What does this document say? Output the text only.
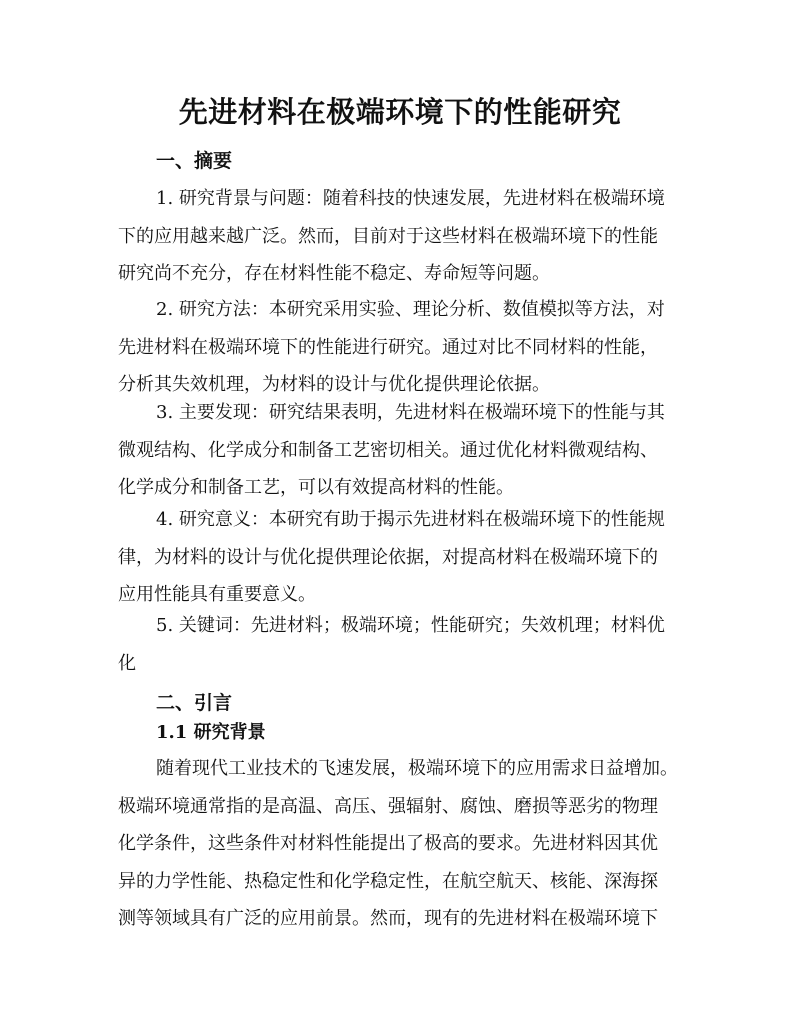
先进材料在极端环境下的性能研究
一、摘要
1. 研究背景与问题：随着科技的快速发展，先进材料在极端环境
下的应用越来越广泛。然而，目前对于这些材料在极端环境下的性能
研究尚不充分，存在材料性能不稳定、寿命短等问题。
2. 研究方法：本研究采用实验、理论分析、数值模拟等方法，对
先进材料在极端环境下的性能进行研究。通过对比不同材料的性能，
分析其失效机理，为材料的设计与优化提供理论依据。
3. 主要发现：研究结果表明，先进材料在极端环境下的性能与其
微观结构、化学成分和制备工艺密切相关。通过优化材料微观结构、
化学成分和制备工艺，可以有效提高材料的性能。
4. 研究意义：本研究有助于揭示先进材料在极端环境下的性能规
律，为材料的设计与优化提供理论依据，对提高材料在极端环境下的
应用性能具有重要意义。
5. 关键词：先进材料；极端环境；性能研究；失效机理；材料优
化
二、引言
1.1 研究背景
随着现代工业技术的飞速发展，极端环境下的应用需求日益增加。
极端环境通常指的是高温、高压、强辐射、腐蚀、磨损等恶劣的物理
化学条件，这些条件对材料性能提出了极高的要求。先进材料因其优
异的力学性能、热稳定性和化学稳定性，在航空航天、核能、深海探
测等领域具有广泛的应用前景。然而，现有的先进材料在极端环境下
